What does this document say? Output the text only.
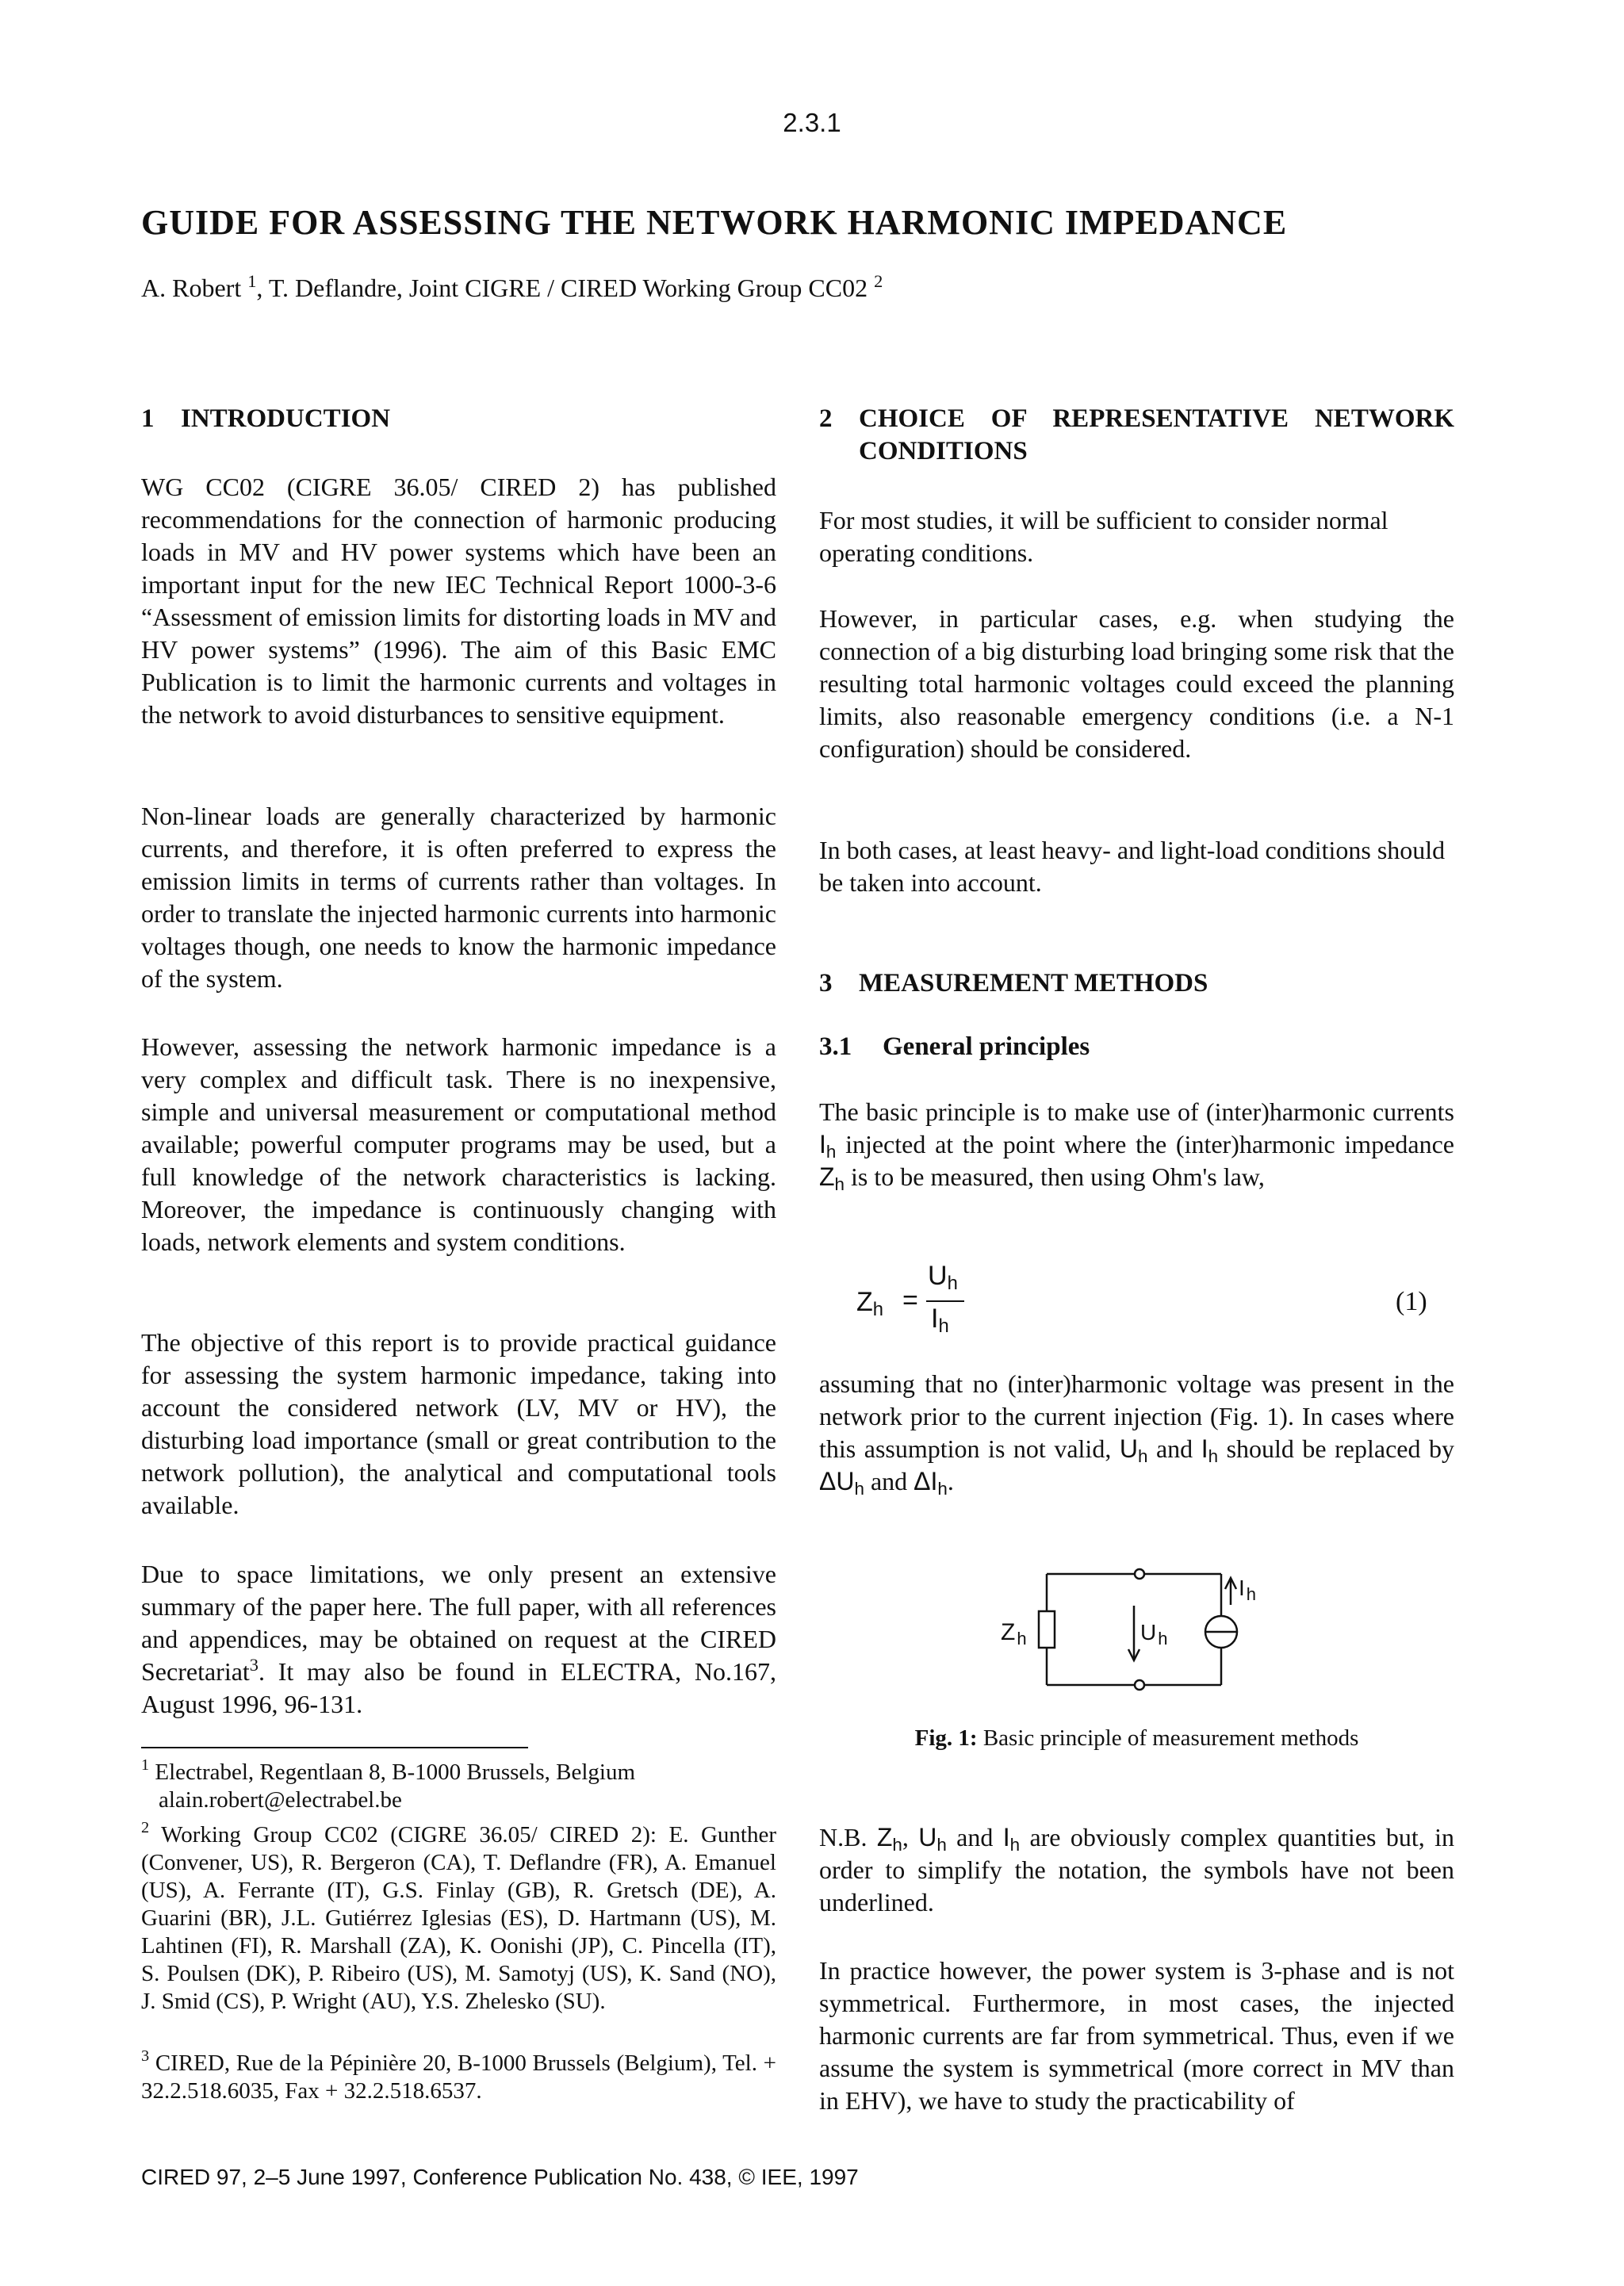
2.3.1
GUIDE FOR ASSESSING THE NETWORK HARMONIC IMPEDANCE
A. Robert $^1$, T. Deflandre, Joint CIGRE / CIRED Working Group CC02 $^2$
1 INTRODUCTION

WG CC02 (CIGRE 36.05/ CIRED 2) has published recommendations for the connection of harmonic producing loads in MV and HV power systems which have been an important input for the new IEC Technical Report 1000-3-6 “Assessment of emission limits for distorting loads in MV and HV power systems” (1996). The aim of this Basic EMC Publication is to limit the harmonic currents and voltages in the network to avoid disturbances to sensitive equipment.

Non-linear loads are generally characterized by harmonic currents, and therefore, it is often preferred to express the emission limits in terms of currents rather than voltages. In order to translate the injected harmonic currents into harmonic voltages though, one needs to know the harmonic impedance of the system.

However, assessing the network harmonic impedance is a very complex and difficult task. There is no inexpensive, simple and universal measurement or computational method available; powerful computer programs may be used, but a full knowledge of the network characteristics is lacking. Moreover, the impedance is continuously changing with loads, network elements and system conditions.

The objective of this report is to provide practical guidance for assessing the system harmonic impedance, taking into account the considered network (LV, MV or HV), the disturbing load importance (small or great contribution to the network pollution), the analytical and computational tools available.

Due to space limitations, we only present an extensive summary of the paper here. The full paper, with all references and appendices, may be obtained on request at the CIRED Secretariat$^3$. It may also be found in ELECTRA, No.167, August 1996, 96-131.

$^1$ Electrabel, Regentlaan 8, B-1000 Brussels, Belgium
alain.robert@electrabel.be

$^2$ Working Group CC02 (CIGRE 36.05/ CIRED 2): E. Gunther (Convener, US), R. Bergeron (CA), T. Deflandre (FR), A. Emanuel (US), A. Ferrante (IT), G.S. Finlay (GB), R. Gretsch (DE), A. Guarini (BR), J.L. Gutiérrez Iglesias (ES), D. Hartmann (US), M. Lahtinen (FI), R. Marshall (ZA), K. Oonishi (JP), C. Pincella (IT), S. Poulsen (DK), P. Ribeiro (US), M. Samotyj (US), K. Sand (NO), J. Smid (CS), P. Wright (AU), Y.S. Zhelesko (SU).

$^3$ CIRED, Rue de la Pépinière 20, B-1000 Brussels (Belgium), Tel. + 32.2.518.6035, Fax + 32.2.518.6537.

2	CHOICE OF REPRESENTATIVE NETWORK
CONDITIONS

For most studies, it will be sufficient to consider normal operating conditions.

However, in particular cases, e.g. when studying the connection of a big disturbing load bringing some risk that the resulting total harmonic voltages could exceed the planning limits, also reasonable emergency conditions (i.e. a N-1 configuration) should be considered.

In both cases, at least heavy- and light-load conditions should be taken into account.

3 MEASUREMENT METHODS
3.1 General principles

The basic principle is to make use of (inter)harmonic currents $I_h$ injected at the point where the (inter)harmonic impedance $Z_h$ is to be measured, then using Ohm's law,

$Z_h$ =
$U_h$
$I_h$
(1)

assuming that no (inter)harmonic voltage was present in the network prior to the current injection (Fig. 1). In cases where this assumption is not valid, $U_h$ and $I_h$ should be replaced by $\Delta U_h$ and $\Delta I_h$.

$Z_h$	$U_h$
$I_h$
Fig. 1: Basic principle of measurement methods

N.B. $Z_h$, $U_h$ and $I_h$ are obviously complex quantities but, in order to simplify the notation, the symbols have not been underlined.

In practice however, the power system is 3-phase and is not symmetrical. Furthermore, in most cases, the injected harmonic currents are far from symmetrical. Thus, even if we assume the system is symmetrical (more correct in MV than in EHV), we have to study the practicability of

CIRED 97, 2–5 June 1997, Conference Publication No. 438, © IEE, 1997
